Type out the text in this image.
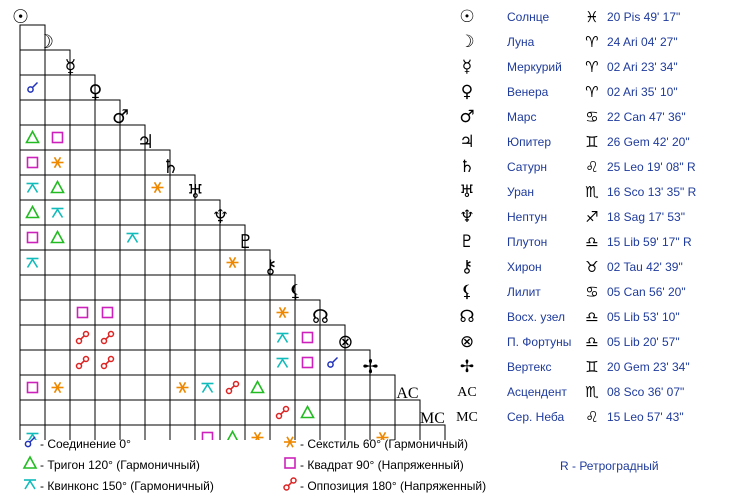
☉
☽
☿
♀
♂
♃
♄
♅
♆
♇
⚷
⚸
☊
⊗
✢
AC
MC
☉	Солнце ♓ 20 Pis 49' 17"
☽	Луна	♈ 24 Ari 04' 27"
☿	Меркурий ♈ 02 Ari 23' 34"
♀	Венера ♈ 02 Ari 35' 10"
♂	Марс	♋ 22 Can 47' 36"
♃	Юпитер ♊ 26 Gem 42' 20"
♄	Сатурн	♌ 25 Leo 19' 08" R
♅	Уран	♏ 16 Sco 13' 35" R
♆	Нептун	♐ 18 Sag 17' 53"
♇	Плутон	♎ 15 Lib 59' 17" R
⚷	Хирон	♉ 02 Tau 42' 39"
⚸	Лилит	♋ 05 Can 56' 20"
☊	Восх. узел ♎ 05 Lib 53' 10"
⊗	П. Фортуны ♎ 05 Lib 20' 57"
✢	Вертекс ♊ 20 Gem 23' 34"
AC	Асцендент ♏ 08 Sco 36' 07"
MC Сер. Неба ♌ 15 Leo 57' 43"
- Соединение 0°
- Тригон 120° (Гармоничный)
- Квинконс 150° (Гармоничный)
- Секстиль 60° (Гармоничный)
- Квадрат 90° (Напряженный)
- Оппозиция 180° (Напряженный)
R - Ретроградный
